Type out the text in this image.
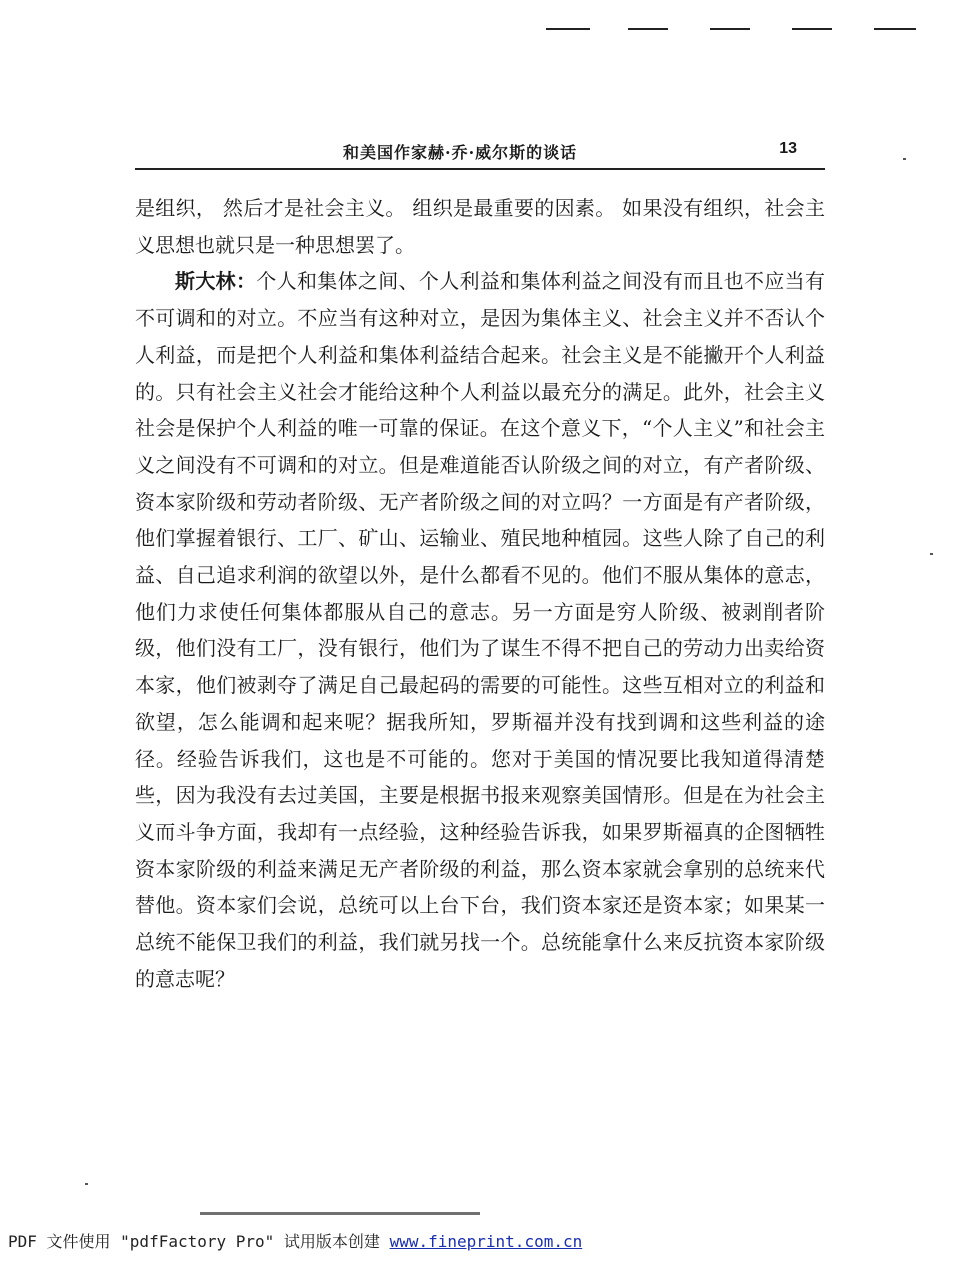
和美国作家赫·乔·威尔斯的谈话	13

是组织， 然后才是社会主义。 组织是最重要的因素。 如果没有组织，社会主义思想也就只是一种思想罢了。

斯大林：个人和集体之间、个人利益和集体利益之间没有而且也不应当有不可调和的对立。不应当有这种对立，是因为集体主义、社会主义并不否认个人利益，而是把个人利益和集体利益结合起来。社会主义是不能撇开个人利益的。只有社会主义社会才能给这种个人利益以最充分的满足。此外，社会主义社会是保护个人利益的唯一可靠的保证。在这个意义下，“个人主义”和社会主义之间没有不可调和的对立。但是难道能否认阶级之间的对立，有产者阶级、资本家阶级和劳动者阶级、无产者阶级之间的对立吗？一方面是有产者阶级，他们掌握着银行、工厂、矿山、运输业、殖民地种植园。这些人除了自己的利益、自己追求利润的欲望以外，是什么都看不见的。他们不服从集体的意志，他们力求使任何集体都服从自己的意志。另一方面是穷人阶级、被剥削者阶级，他们没有工厂，没有银行，他们为了谋生不得不把自己的劳动力出卖给资本家，他们被剥夺了满足自己最起码的需要的可能性。这些互相对立的利益和欲望，怎么能调和起来呢？据我所知，罗斯福并没有找到调和这些利益的途径。经验告诉我们，这也是不可能的。您对于美国的情况要比我知道得清楚些，因为我没有去过美国，主要是根据书报来观察美国情形。但是在为社会主义而斗争方面，我却有一点经验，这种经验告诉我，如果罗斯福真的企图牺牲资本家阶级的利益来满足无产者阶级的利益，那么资本家就会拿别的总统来代替他。资本家们会说，总统可以上台下台，我们资本家还是资本家；如果某一总统不能保卫我们的利益，我们就另找一个。总统能拿什么来反抗资本家阶级的意志呢？

PDF 文件使用 "pdfFactory Pro" 试用版本创建 www.fineprint.com.cn
